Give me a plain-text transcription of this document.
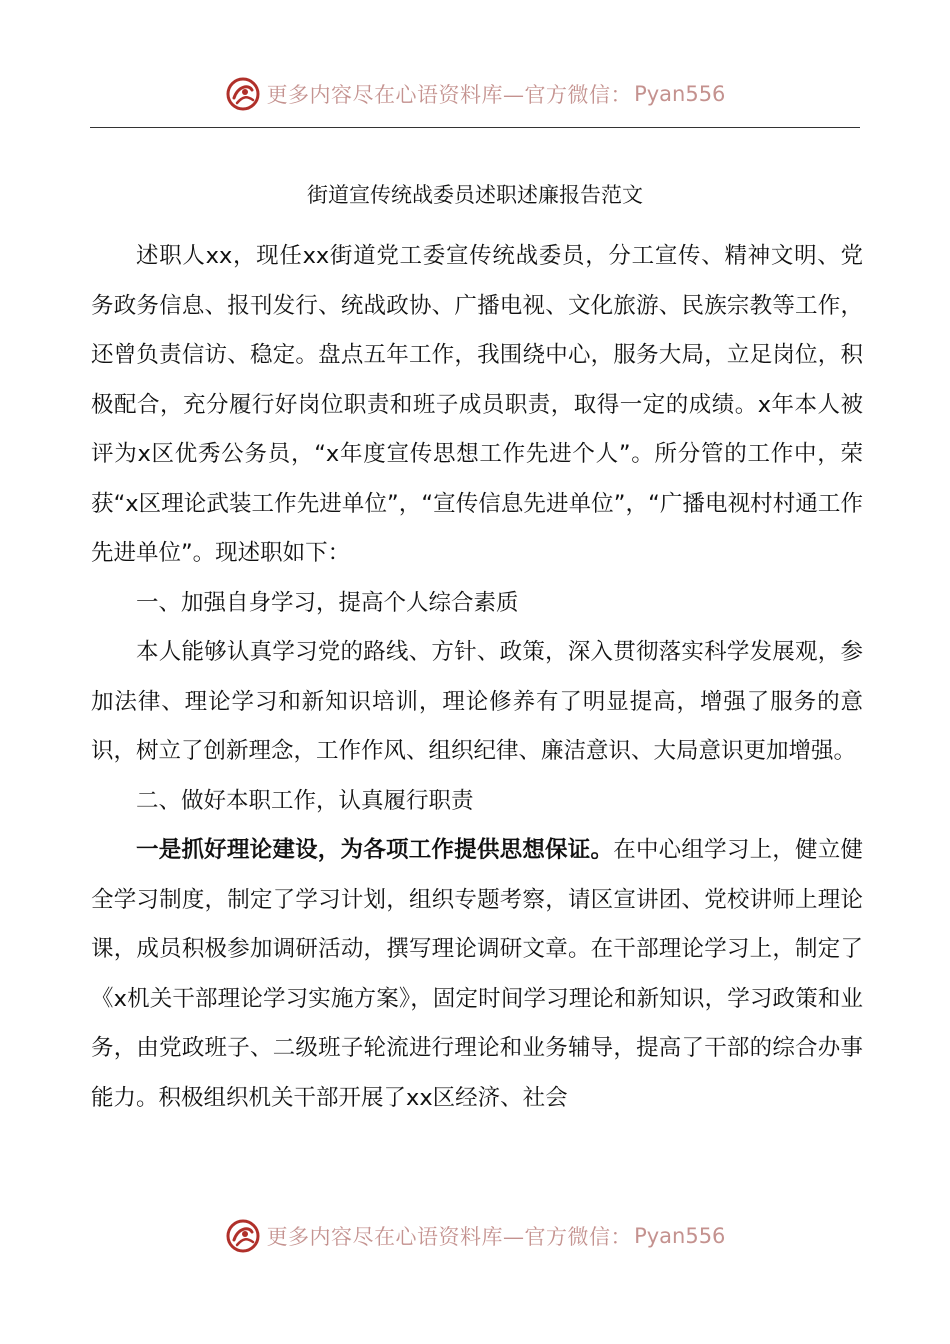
更多内容尽在心语资料库—官方微信： Pyan556
街道宣传统战委员述职述廉报告范文

述职人xx，现任xx街道党工委宣传统战委员，分工宣传、精神文明、党务政务信息、报刊发行、统战政协、广播电视、文化旅游、民族宗教等工作，还曾负责信访、稳定。盘点五年工作，我围绕中心，服务大局，立足岗位，积极配合，充分履行好岗位职责和班子成员职责，取得一定的成绩。x年本人被评为x区优秀公务员，“x年度宣传思想工作先进个人”。所分管的工作中，荣获“x区理论武装工作先进单位”，“宣传信息先进单位”，“广播电视村村通工作先进单位”。现述职如下：

一、加强自身学习，提高个人综合素质

本人能够认真学习党的路线、方针、政策，深入贯彻落实科学发展观，参加法律、理论学习和新知识培训，理论修养有了明显提高，增强了服务的意识，树立了创新理念，工作作风、组织纪律、廉洁意识、大局意识更加增强。

二、做好本职工作，认真履行职责

一是抓好理论建设，为各项工作提供思想保证。在中心组学习上，健立健全学习制度，制定了学习计划，组织专题考察，请区宣讲团、党校讲师上理论课，成员积极参加调研活动，撰写理论调研文章。在干部理论学习上，制定了《x机关干部理论学习实施方案》，固定时间学习理论和新知识，学习政策和业务，由党政班子、二级班子轮流进行理论和业务辅导，提高了干部的综合办事能力。积极组织机关干部开展了xx区经济、社会

更多内容尽在心语资料库—官方微信： Pyan556
